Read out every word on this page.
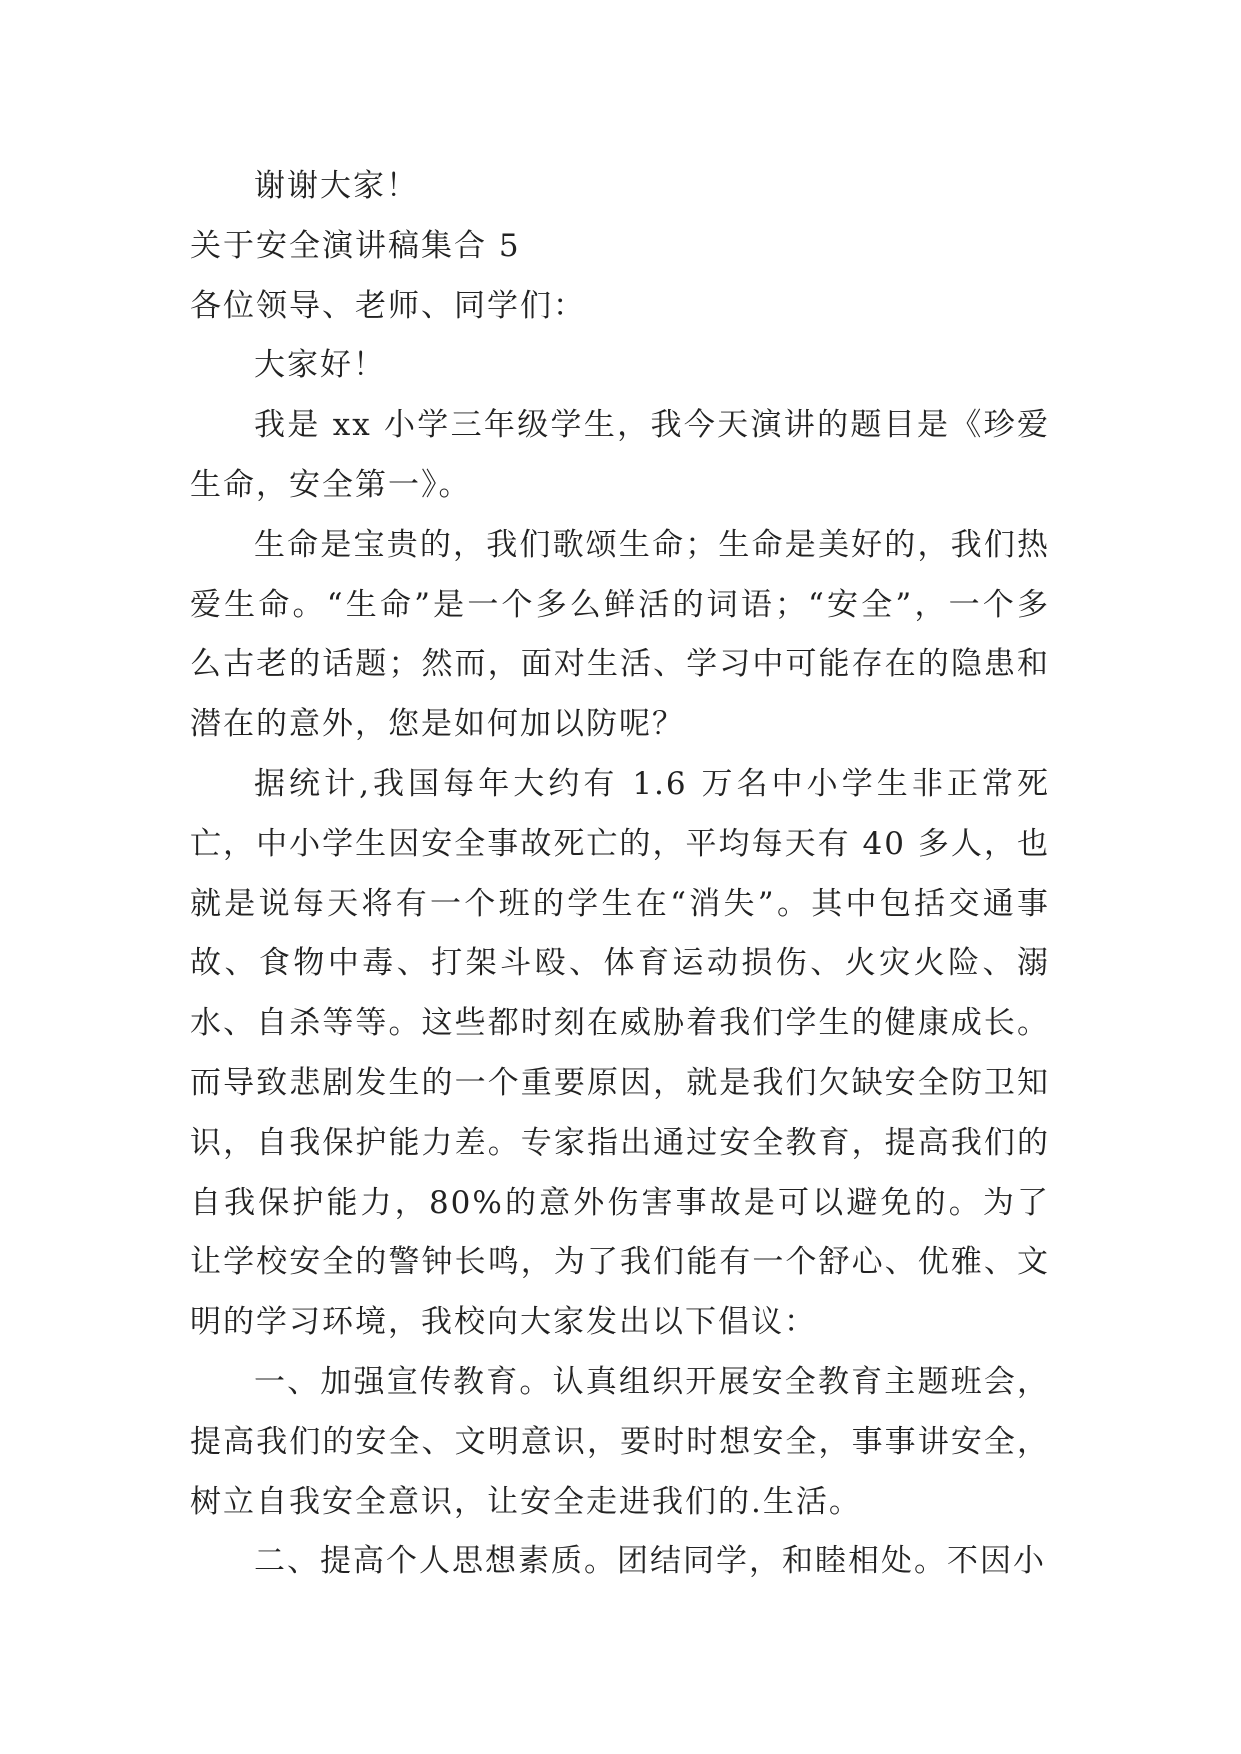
谢谢大家！

关于安全演讲稿集合 5

各位领导、老师、同学们：

大家好！

我是 xx 小学三年级学生，我今天演讲的题目是《珍爱生命，安全第一》。

生命是宝贵的，我们歌颂生命；生命是美好的，我们热爱生命。“生命”是一个多么鲜活的词语；“安全”，一个多么古老的话题；然而，面对生活、学习中可能存在的隐患和潜在的意外，您是如何加以防呢？

据统计,我国每年大约有 1.6 万名中小学生非正常死亡，中小学生因安全事故死亡的，平均每天有 40 多人，也就是说每天将有一个班的学生在“消失”。其中包括交通事故、食物中毒、打架斗殴、体育运动损伤、火灾火险、溺水、自杀等等。这些都时刻在威胁着我们学生的健康成长。而导致悲剧发生的一个重要原因，就是我们欠缺安全防卫知识，自我保护能力差。专家指出通过安全教育，提高我们的自我保护能力，80%的意外伤害事故是可以避免的。为了让学校安全的警钟长鸣，为了我们能有一个舒心、优雅、文明的学习环境，我校向大家发出以下倡议：

一、加强宣传教育。认真组织开展安全教育主题班会，提高我们的安全、文明意识，要时时想安全，事事讲安全，树立自我安全意识，让安全走进我们的.生活。

二、提高个人思想素质。团结同学，和睦相处。不因小
